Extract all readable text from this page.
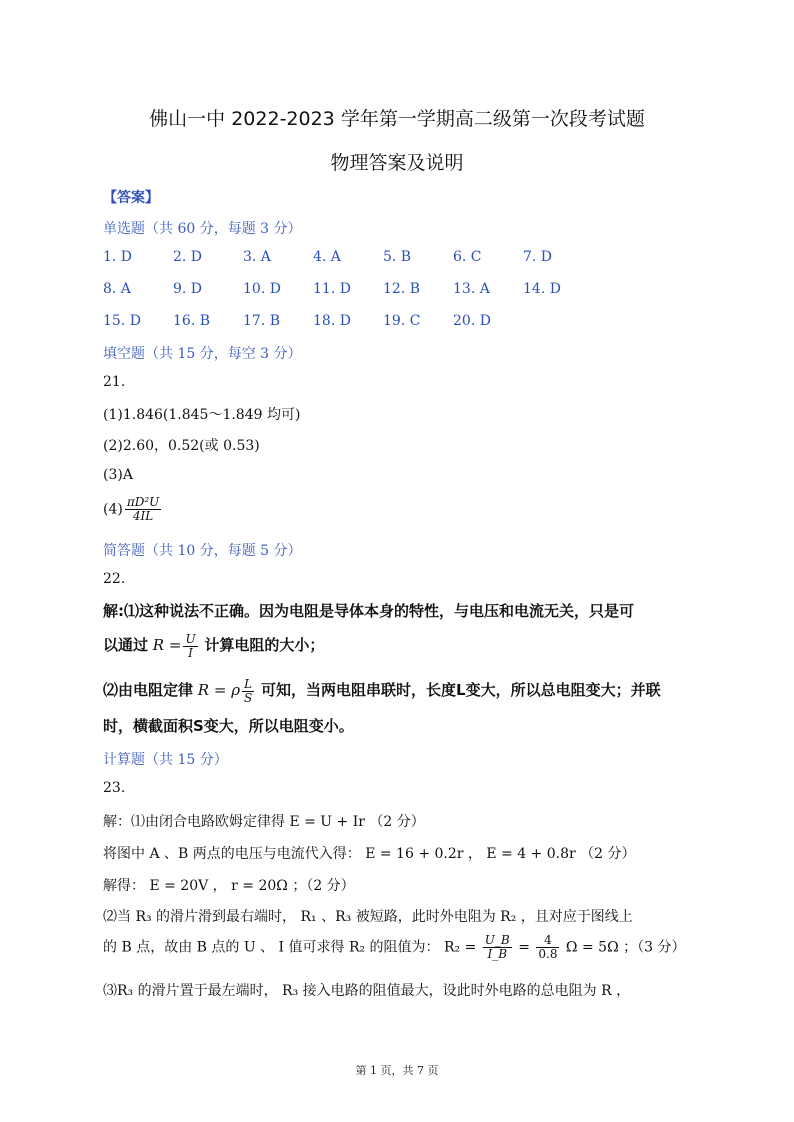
佛山一中 2022-2023 学年第一学期高二级第一次段考试题
物理答案及说明
【答案】
单选题（共 60 分，每题 3 分）
1. D	2. D	3. A	4. A	5. B	6. C	7. D
8. A	9. D	10. D 11. D 12. B 13. A 14. D
15. D 16. B 17. B 18. D 19. C 20. D
填空题（共 15 分，每空 3 分）
21.
(1)1.846(1.845～1.849 均可)
(2)2.60，0.52(或 0.53)
(3)A
$(4) \frac{\text{πD²U}}{4IL}$
简答题（共 10 分，每题 5 分）
22.
解:⑴这种说法不正确。因为电阻是导体本身的特性，与电压和电流无关，只是可
以通过 $R = \frac{U}{I}$ 计算电阻的大小；
⑵由电阻定律 R = ρ $\frac{L}{S}$ 可知，当两电阻串联时，长度L变大，所以总电阻变大；并联
时，横截面积S变大，所以电阻变小。
计算题（共 15 分）
23.
解：⑴由闭合电路欧姆定律得 E = U + Ir （2 分）
将图中 A 、B 两点的电压与电流代入得： E = 16 + 0.2r ， E = 4 + 0.8r （2 分）
解得： E = 20V ， r = 20Ω ；（2 分）
⑵当 R₃ 的滑片滑到最右端时， R₁ 、R₃ 被短路，此时外电阻为 R₂ ，且对应于图线上
的 B 点，故由 B 点的 U 、 I 值可求得 R₂ 的阻值为： $R_2 = \frac{U\_B}{I\_B} = \frac{4}{0.8}$ Ω = 5Ω ；（3 分）
⑶R₃ 的滑片置于最左端时， R₃ 接入电路的阻值最大，设此时外电路的总电阻为 R ，
第 1 页，共 7 页
